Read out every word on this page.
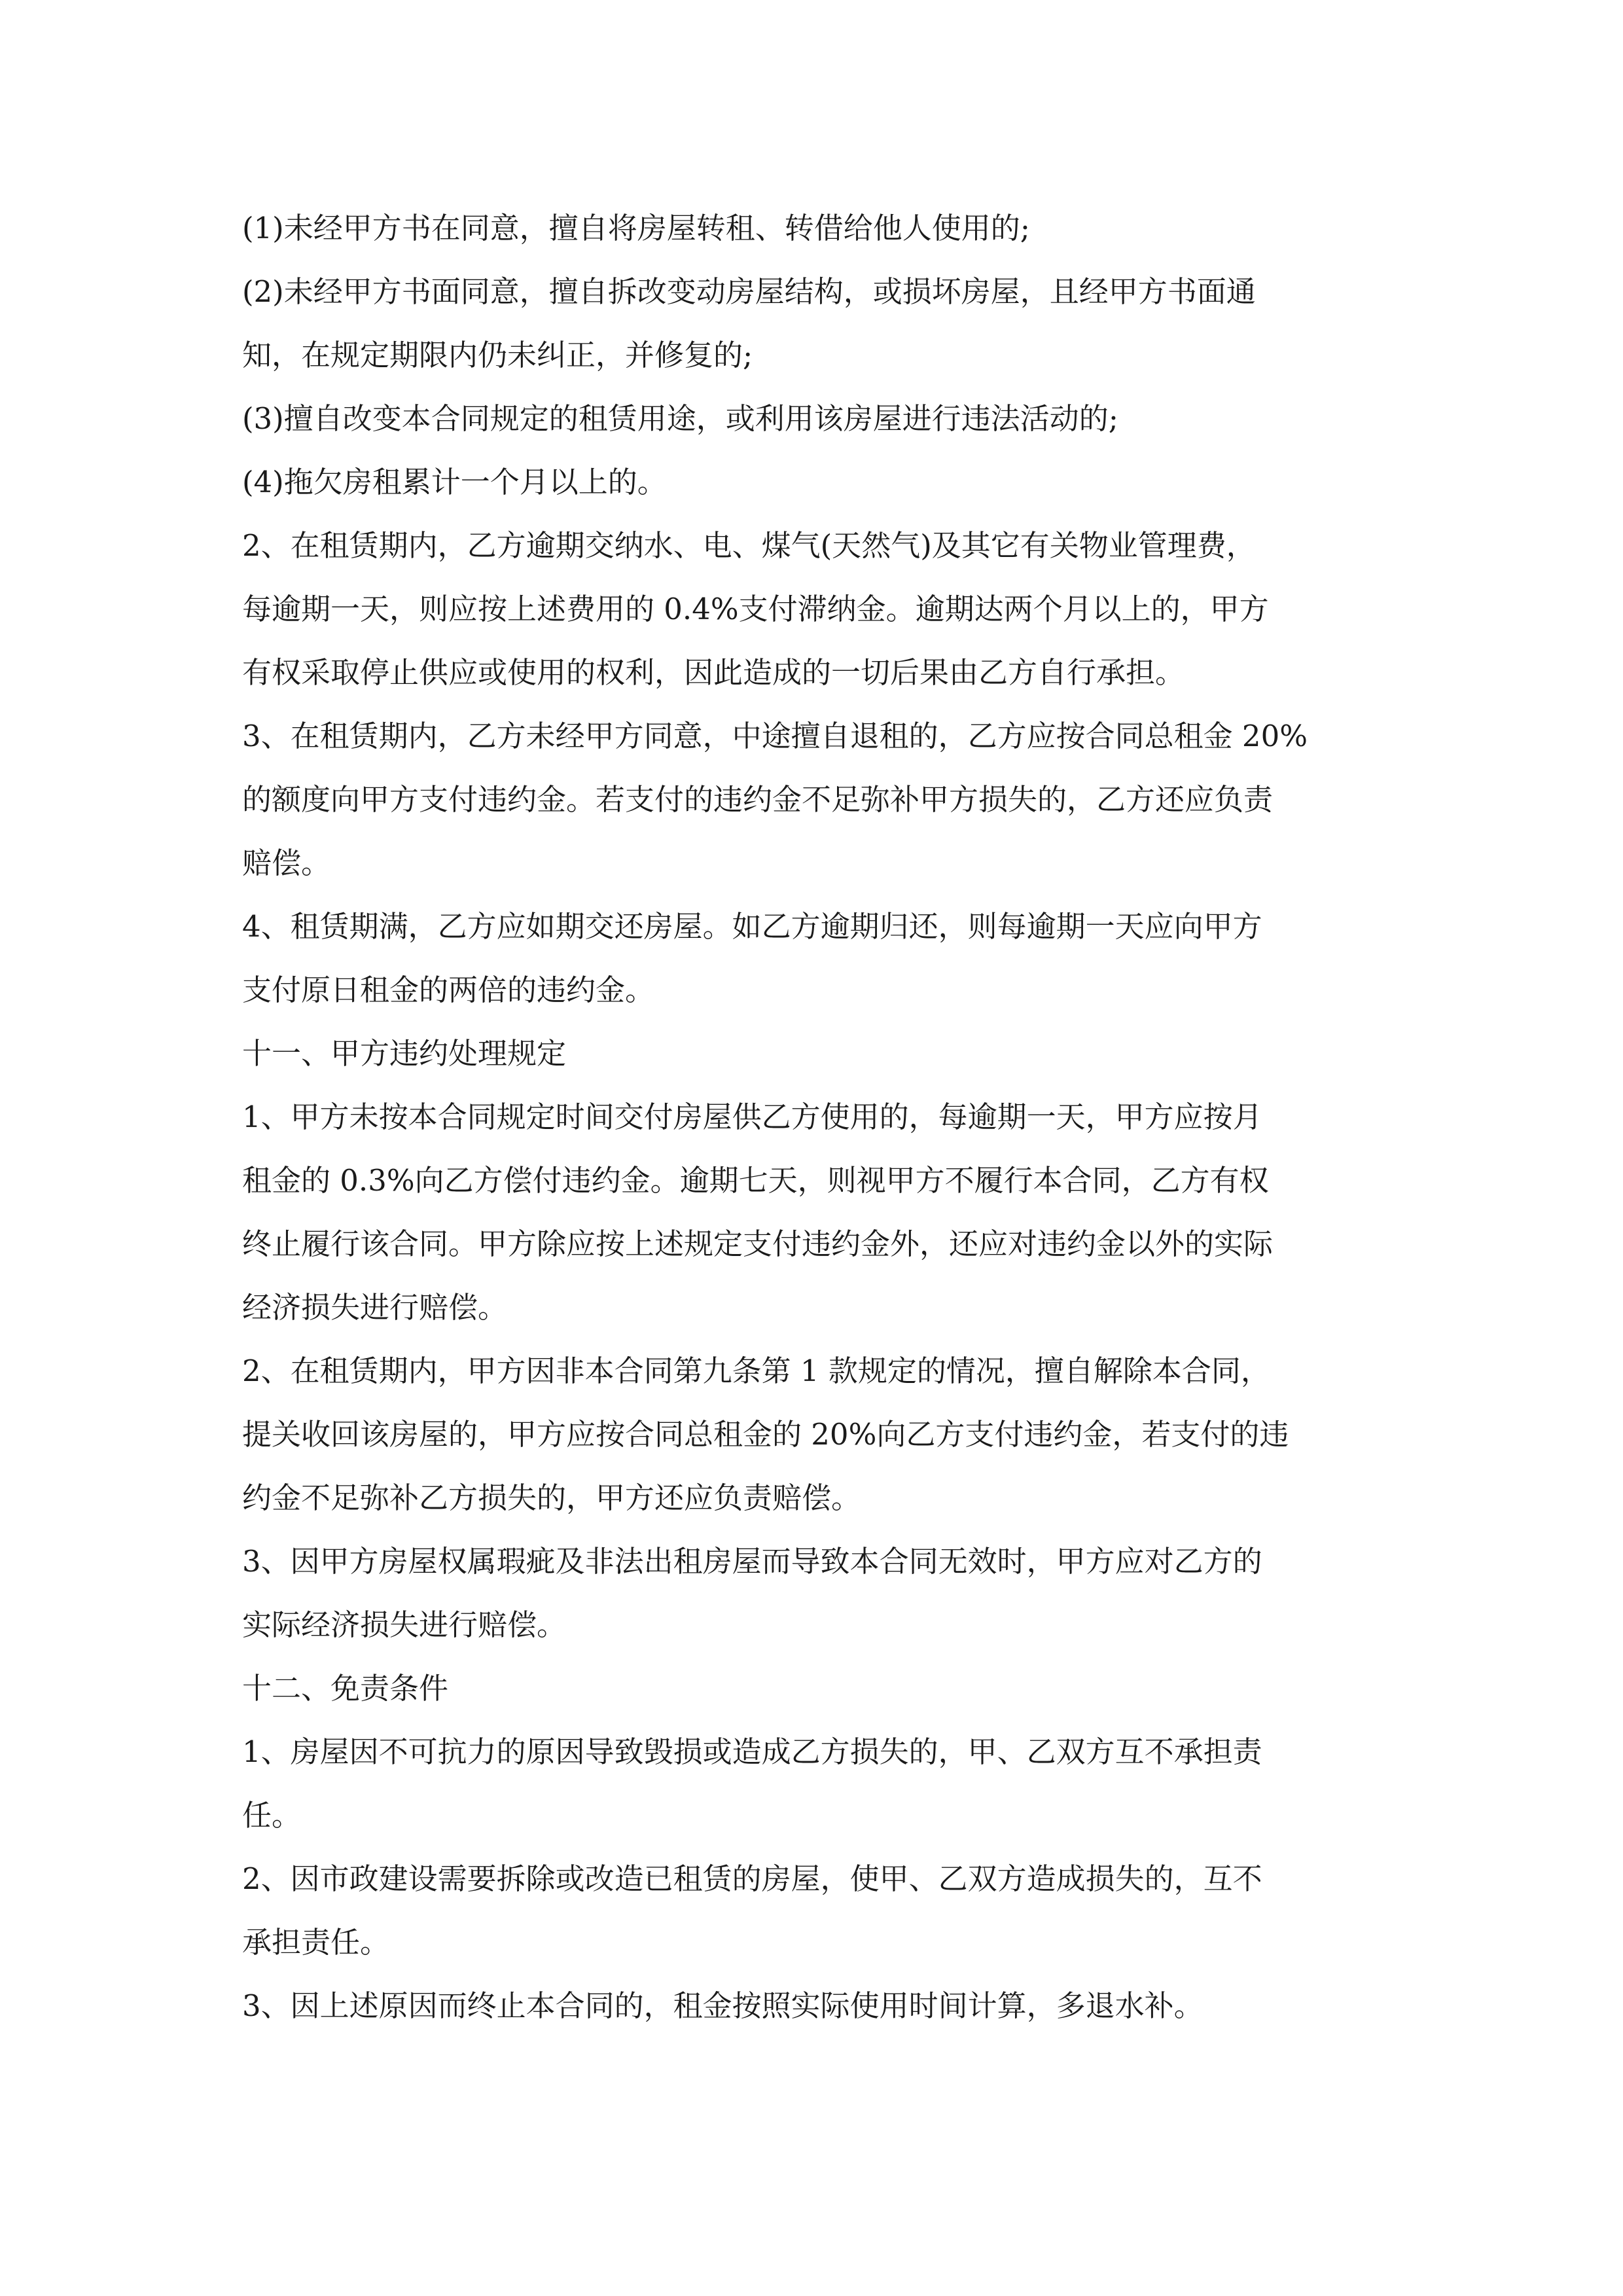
(1)未经甲方书在同意，擅自将房屋转租、转借给他人使用的;

(2)未经甲方书面同意，擅自拆改变动房屋结构，或损坏房屋，且经甲方书面通
知，在规定期限内仍未纠正，并修复的;

(3)擅自改变本合同规定的租赁用途，或利用该房屋进行违法活动的;

(4)拖欠房租累计一个月以上的。

2、在租赁期内，乙方逾期交纳水、电、煤气(天然气)及其它有关物业管理费，
每逾期一天，则应按上述费用的 0.4%支付滞纳金。逾期达两个月以上的，甲方
有权采取停止供应或使用的权利，因此造成的一切后果由乙方自行承担。

3、在租赁期内，乙方未经甲方同意，中途擅自退租的，乙方应按合同总租金 20%
的额度向甲方支付违约金。若支付的违约金不足弥补甲方损失的，乙方还应负责
赔偿。

4、租赁期满，乙方应如期交还房屋。如乙方逾期归还，则每逾期一天应向甲方
支付原日租金的两倍的违约金。

十一、甲方违约处理规定

1、甲方未按本合同规定时间交付房屋供乙方使用的，每逾期一天，甲方应按月
租金的 0.3%向乙方偿付违约金。逾期七天，则视甲方不履行本合同，乙方有权
终止履行该合同。甲方除应按上述规定支付违约金外，还应对违约金以外的实际
经济损失进行赔偿。

2、在租赁期内，甲方因非本合同第九条第 1 款规定的情况，擅自解除本合同，
提关收回该房屋的，甲方应按合同总租金的 20%向乙方支付违约金，若支付的违
约金不足弥补乙方损失的，甲方还应负责赔偿。

3、因甲方房屋权属瑕疵及非法出租房屋而导致本合同无效时，甲方应对乙方的
实际经济损失进行赔偿。

十二、免责条件

1、房屋因不可抗力的原因导致毁损或造成乙方损失的，甲、乙双方互不承担责
任。

2、因市政建设需要拆除或改造已租赁的房屋，使甲、乙双方造成损失的，互不
承担责任。

3、因上述原因而终止本合同的，租金按照实际使用时间计算，多退水补。
